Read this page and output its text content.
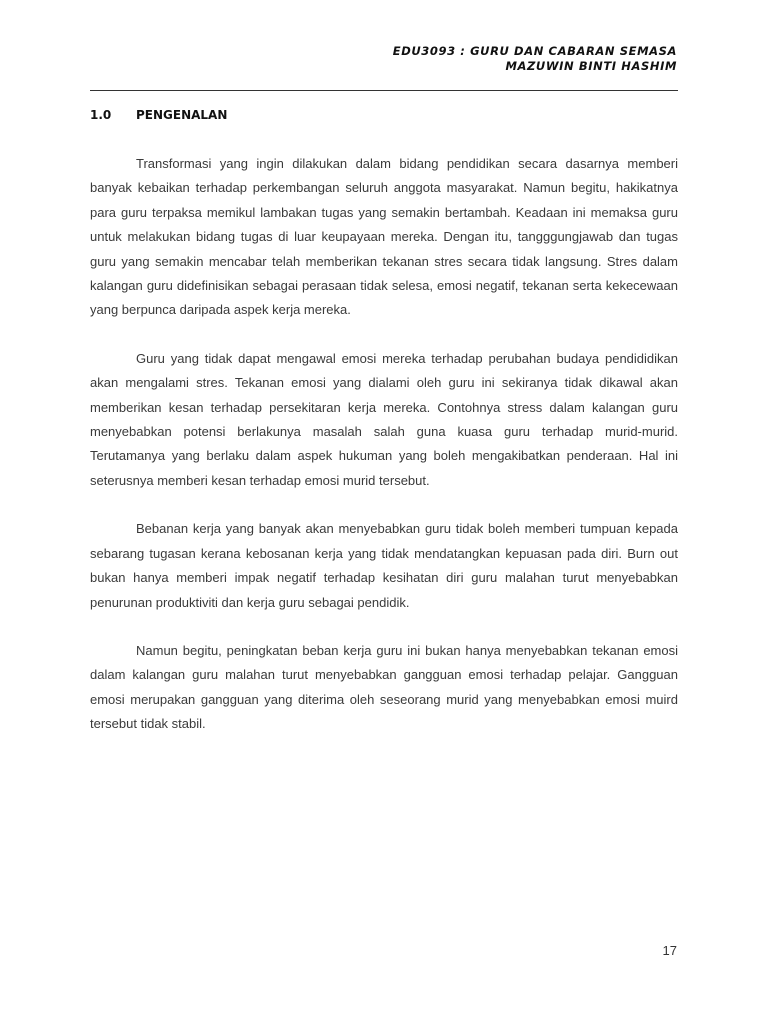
EDU3093 : GURU DAN CABARAN SEMASA
MAZUWIN BINTI HASHIM
1.0 PENGENALAN

Transformasi yang ingin dilakukan dalam bidang pendidikan secara dasarnya memberi banyak kebaikan terhadap perkembangan seluruh anggota masyarakat. Namun begitu, hakikatnya para guru terpaksa memikul lambakan tugas yang semakin bertambah. Keadaan ini memaksa guru untuk melakukan bidang tugas di luar keupayaan mereka. Dengan itu, tangggungjawab dan tugas guru yang semakin mencabar telah memberikan tekanan stres secara tidak langsung. Stres dalam kalangan guru didefinisikan sebagai perasaan tidak selesa, emosi negatif, tekanan serta kekecewaan yang berpunca daripada aspek kerja mereka.

Guru yang tidak dapat mengawal emosi mereka terhadap perubahan budaya pendididikan akan mengalami stres. Tekanan emosi yang dialami oleh guru ini sekiranya tidak dikawal akan memberikan kesan terhadap persekitaran kerja mereka. Contohnya stress dalam kalangan guru menyebabkan potensi berlakunya masalah salah guna kuasa guru terhadap murid-murid. Terutamanya yang berlaku dalam aspek hukuman yang boleh mengakibatkan penderaan. Hal ini seterusnya memberi kesan terhadap emosi murid tersebut.

Bebanan kerja yang banyak akan menyebabkan guru tidak boleh memberi tumpuan kepada sebarang tugasan kerana kebosanan kerja yang tidak mendatangkan kepuasan pada diri. Burn out bukan hanya memberi impak negatif terhadap kesihatan diri guru malahan turut menyebabkan penurunan produktiviti dan kerja guru sebagai pendidik.

Namun begitu, peningkatan beban kerja guru ini bukan hanya menyebabkan tekanan emosi dalam kalangan guru malahan turut menyebabkan gangguan emosi terhadap pelajar. Gangguan emosi merupakan gangguan yang diterima oleh seseorang murid yang menyebabkan emosi muird tersebut tidak stabil.

17
